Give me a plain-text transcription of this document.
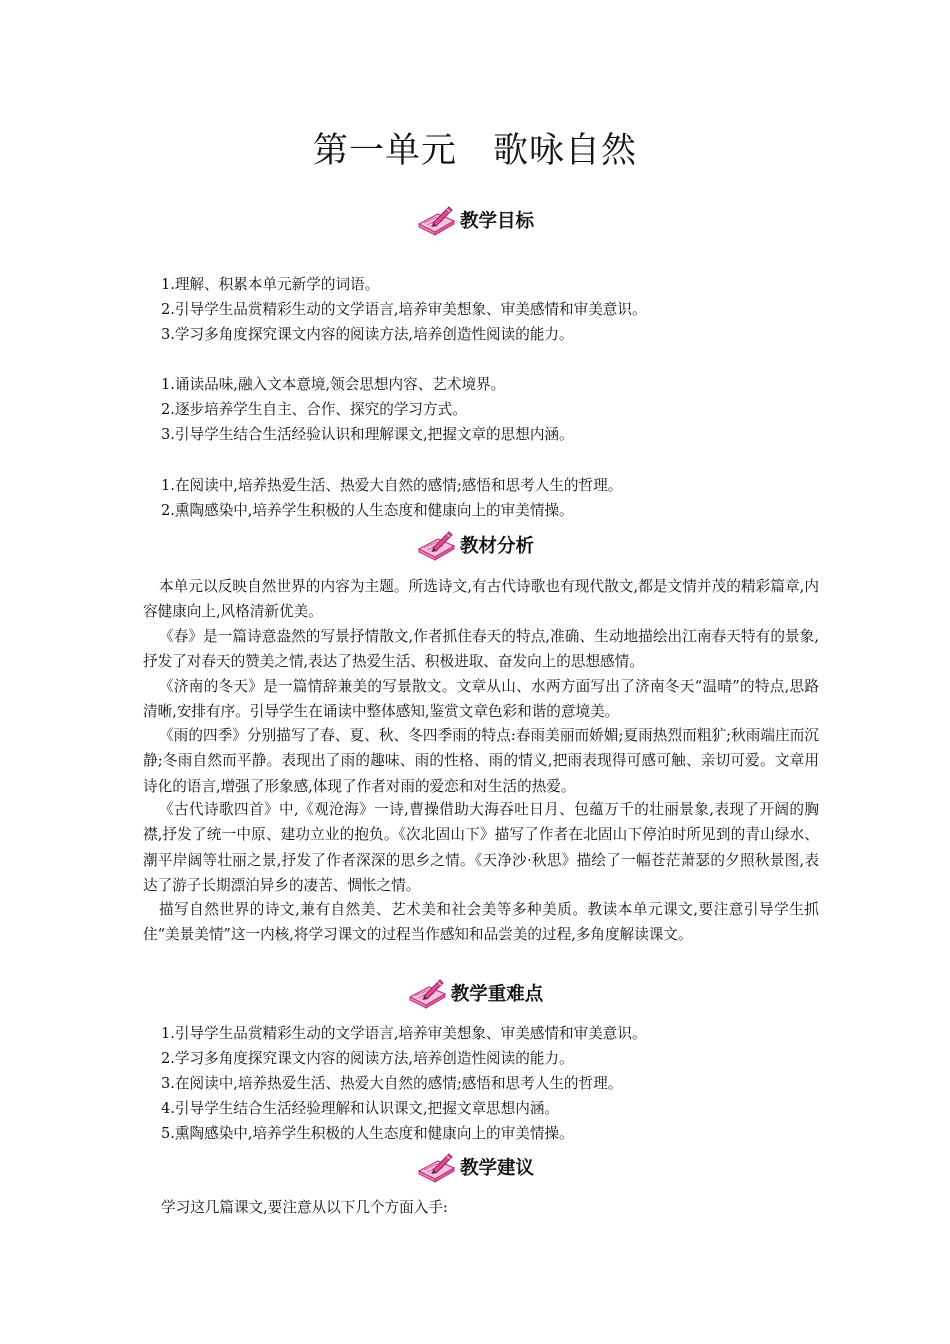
第一单元　歌咏自然
教学目标

1.理解、积累本单元新学的词语。

2.引导学生品赏精彩生动的文学语言,培养审美想象、审美感情和审美意识。

3.学习多角度探究课文内容的阅读方法,培养创造性阅读的能力。

1.诵读品味,融入文本意境,领会思想内容、艺术境界。

2.逐步培养学生自主、合作、探究的学习方式。

3.引导学生结合生活经验认识和理解课文,把握文章的思想内涵。

1.在阅读中,培养热爱生活、热爱大自然的感情;感悟和思考人生的哲理。

2.熏陶感染中,培养学生积极的人生态度和健康向上的审美情操。

教材分析

本单元以反映自然世界的内容为主题。所选诗文,有古代诗歌也有现代散文,都是文情并茂的精彩篇章,内容健康向上,风格清新优美。

《春》是一篇诗意盎然的写景抒情散文,作者抓住春天的特点,准确、生动地描绘出江南春天特有的景象,抒发了对春天的赞美之情,表达了热爱生活、积极进取、奋发向上的思想感情。

《济南的冬天》是一篇情辞兼美的写景散文。文章从山、水两方面写出了济南冬天“温晴”的特点,思路清晰,安排有序。引导学生在诵读中整体感知,鉴赏文章色彩和谐的意境美。

《雨的四季》分别描写了春、夏、秋、冬四季雨的特点:春雨美丽而娇媚;夏雨热烈而粗犷;秋雨端庄而沉静;冬雨自然而平静。表现出了雨的趣味、雨的性格、雨的情义,把雨表现得可感可触、亲切可爱。文章用诗化的语言,增强了形象感,体现了作者对雨的爱恋和对生活的热爱。

《古代诗歌四首》中,《观沧海》一诗,曹操借助大海吞吐日月、包蕴万千的壮丽景象,表现了开阔的胸襟,抒发了统一中原、建功立业的抱负。《次北固山下》描写了作者在北固山下停泊时所见到的青山绿水、潮平岸阔等壮丽之景,抒发了作者深深的思乡之情。《天净沙·秋思》描绘了一幅苍茫萧瑟的夕照秋景图,表达了游子长期漂泊异乡的凄苦、惆怅之情。

描写自然世界的诗文,兼有自然美、艺术美和社会美等多种美质。教读本单元课文,要注意引导学生抓住“美景美情”这一内核,将学习课文的过程当作感知和品尝美的过程,多角度解读课文。

教学重难点

1.引导学生品赏精彩生动的文学语言,培养审美想象、审美感情和审美意识。

2.学习多角度探究课文内容的阅读方法,培养创造性阅读的能力。

3.在阅读中,培养热爱生活、热爱大自然的感情;感悟和思考人生的哲理。

4.引导学生结合生活经验理解和认识课文,把握文章思想内涵。

5.熏陶感染中,培养学生积极的人生态度和健康向上的审美情操。

教学建议

学习这几篇课文,要注意从以下几个方面入手:
